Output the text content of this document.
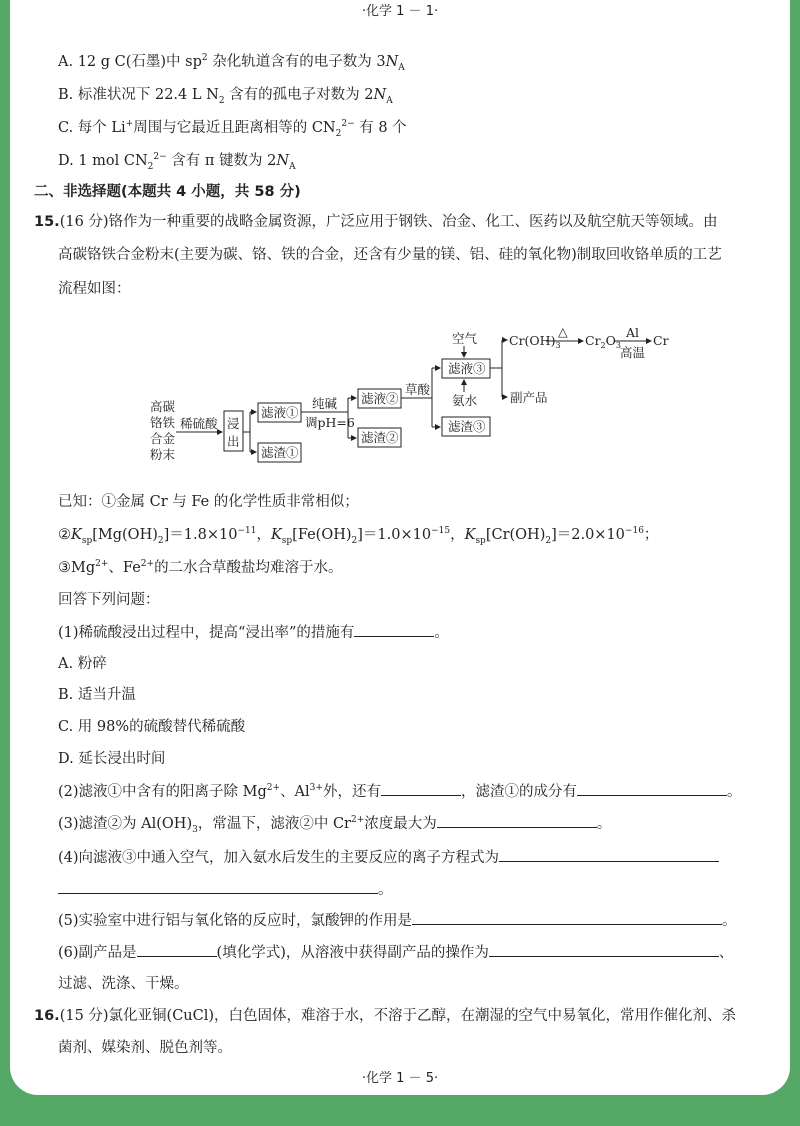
·化学 1 － 1·
A. 12 g C(石墨)中 $sp^2$ 杂化轨道含有的电子数为 $3N_A$
B. 标准状况下 22.4 L $N_2$ 含有的孤电子对数为 $2N_A$
C. 每个 Li+周围与它最近且距离相等的 $CN_2^{2-}$ 有 8 个
D. 1 mol $CN_2^{2-}$ 含有 π 键数为 $2N_A$
二、非选择题(本题共 4 小题，共 58 分)
15.(16 分)铬作为一种重要的战略金属资源，广泛应用于钢铁、冶金、化工、医药以及航空航天等领域。由
高碳铬铁合金粉末(主要为碳、铬、铁的合金，还含有少量的镁、铝、硅的氧化物)制取回收铬单质的工艺
流程如图：
高碳
铬铁
合金
粉末
稀硫酸 浸
出
滤液①
滤渣①
纯碱
调pH=6
滤液②
滤渣②
草酸
滤液③
滤渣③
空气
氨水
$Cr(OH)_3$
△
$Cr_2O_3$
Al
高温
Cr
副产品
已知：①金属 Cr 与 Fe 的化学性质非常相似；
$②K_{sp}[Mg(OH)_2]=1.8\times 10^{-11}$，$K_{sp}[Fe(OH)_2]=1.0\times 10^{-15}$，$K_{sp}[Cr(OH)_2]=2.0\times 10^{-16}$；
$③Mg^{2+}$、$Fe^{2+}$的二水合草酸盐均难溶于水。
回答下列问题：
(1)稀硫酸浸出过程中，提高“浸出率”的措施有	。
A. 粉碎
B. 适当升温
C. 用 98%的硫酸替代稀硫酸
D. 延长浸出时间
(2)滤液①中含有的阳离子除 $Mg^{2+}$、$Al^{3+}$外，还有	，滤渣①的成分有	。
(3)滤渣②为 $Al(OH)_3$，常温下，滤液②中 $Cr^{2+}$浓度最大为	。
(4)向滤液③中通入空气，加入氨水后发生的主要反应的离子方程式为
。
(5)实验室中进行铝与氧化铬的反应时，氯酸钾的作用是	。
(6)副产品是	(填化学式)，从溶液中获得副产品的操作为	、
过滤、洗涤、干燥。
16.(15 分)氯化亚铜(CuCl)，白色固体，难溶于水，不溶于乙醇，在潮湿的空气中易氧化，常用作催化剂、杀
菌剂、媒染剂、脱色剂等。
·化学 1 － 5·
